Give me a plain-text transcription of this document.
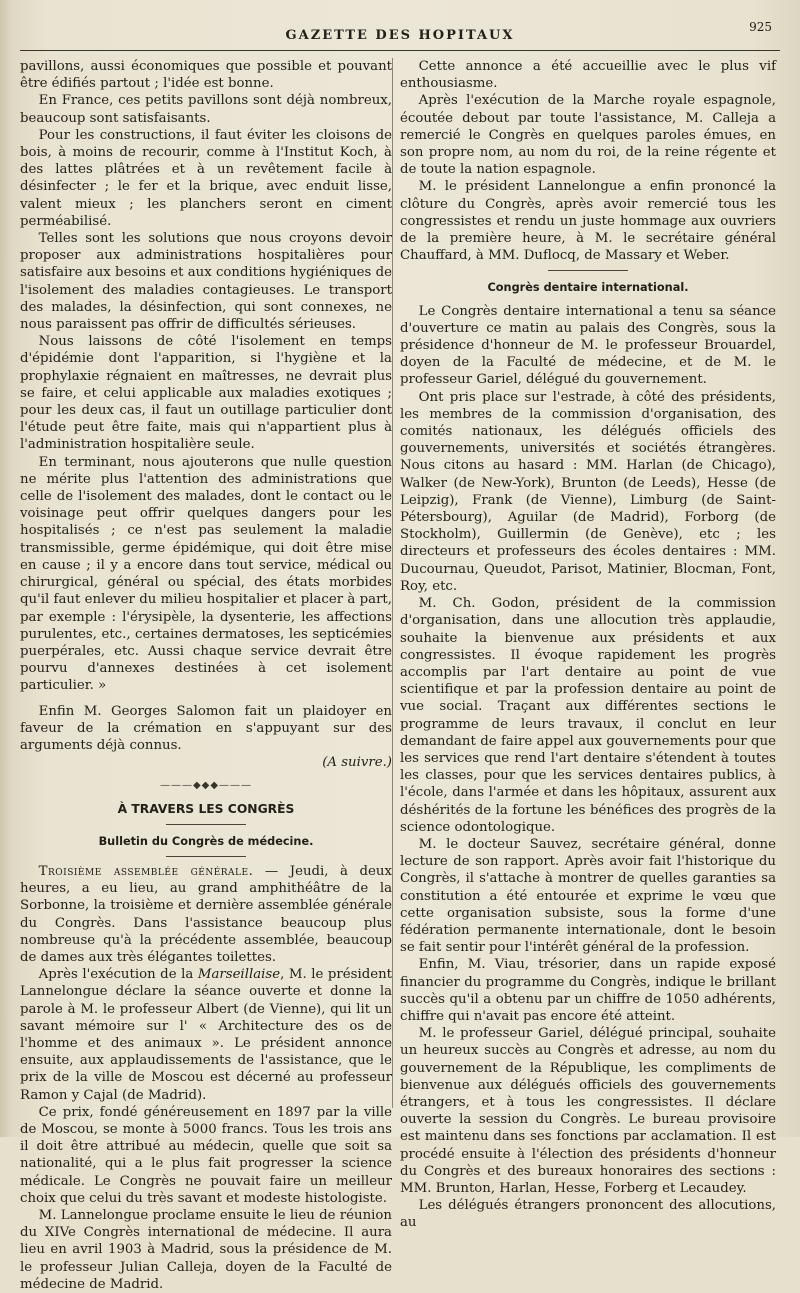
GAZETTE DES HOPITAUX
925

pavillons, aussi économiques que possible et pouvant être édifiés partout ; l'idée est bonne.

En France, ces petits pavillons sont déjà nombreux, beaucoup sont satisfaisants.

Pour les constructions, il faut éviter les cloisons de bois, à moins de recourir, comme à l'Institut Koch, à des lattes plâtrées et à un revêtement facile à désinfecter ; le fer et la brique, avec enduit lisse, valent mieux ; les planchers seront en ciment perméabilisé.

Telles sont les solutions que nous croyons devoir proposer aux administrations hospitalières pour satisfaire aux besoins et aux conditions hygiéniques de l'isolement des maladies contagieuses. Le transport des malades, la désinfection, qui sont connexes, ne nous paraissent pas offrir de difficultés sérieuses.

Nous laissons de côté l'isolement en temps d'épidémie dont l'apparition, si l'hygiène et la prophylaxie régnaient en maîtresses, ne devrait plus se faire, et celui applicable aux maladies exotiques ; pour les deux cas, il faut un outillage particulier dont l'étude peut être faite, mais qui n'appartient plus à l'administration hospitalière seule.

En terminant, nous ajouterons que nulle question ne mérite plus l'attention des administrations que celle de l'isolement des malades, dont le contact ou le voisinage peut offrir quelques dangers pour les hospitalisés ; ce n'est pas seulement la maladie transmissible, germe épidémique, qui doit être mise en cause ; il y a encore dans tout service, médical ou chirurgical, général ou spécial, des états morbides qu'il faut enlever du milieu hospitalier et placer à part, par exemple : l'érysipèle, la dysenterie, les affections purulentes, etc., certaines dermatoses, les septicémies puerpérales, etc. Aussi chaque service devrait être pourvu d'annexes destinées à cet isolement particulier. »

Enfin M. Georges Salomon fait un plaidoyer en faveur de la crémation en s'appuyant sur des arguments déjà connus.

(A suivre.)
———◆◆◆———
À TRAVERS LES CONGRÈS
Bulletin du Congrès de médecine.

Troisième assemblée générale. — Jeudi, à deux heures, a eu lieu, au grand amphithéâtre de la Sorbonne, la troisième et dernière assemblée générale du Congrès. Dans l'assistance beaucoup plus nombreuse qu'à la précédente assemblée, beaucoup de dames aux très élégantes toilettes.

Après l'exécution de la Marseillaise, M. le président Lannelongue déclare la séance ouverte et donne la parole à M. le professeur Albert (de Vienne), qui lit un savant mémoire sur l' « Architecture des os de l'homme et des animaux ». Le président annonce ensuite, aux applaudissements de l'assistance, que le prix de la ville de Moscou est décerné au professeur Ramon y Cajal (de Madrid).

Ce prix, fondé généreusement en 1897 par la ville de Moscou, se monte à 5000 francs. Tous les trois ans il doit être attribué au médecin, quelle que soit sa nationalité, qui a le plus fait progresser la science médicale. Le Congrès ne pouvait faire un meilleur choix que celui du très savant et modeste histologiste.

M. Lannelongue proclame ensuite le lieu de réunion du XIVe Congrès international de médecine. Il aura lieu en avril 1903 à Madrid, sous la présidence de M. le professeur Julian Calleja, doyen de la Faculté de médecine de Madrid.

Cette annonce a été accueillie avec le plus vif enthousiasme.

Après l'exécution de la Marche royale espagnole, écoutée debout par toute l'assistance, M. Calleja a remercié le Congrès en quelques paroles émues, en son propre nom, au nom du roi, de la reine régente et de toute la nation espagnole.

M. le président Lannelongue a enfin prononcé la clôture du Congrès, après avoir remercié tous les congressistes et rendu un juste hommage aux ouvriers de la première heure, à M. le secrétaire général Chauffard, à MM. Duflocq, de Massary et Weber.

Congrès dentaire international.

Le Congrès dentaire international a tenu sa séance d'ouverture ce matin au palais des Congrès, sous la présidence d'honneur de M. le professeur Brouardel, doyen de la Faculté de médecine, et de M. le professeur Gariel, délégué du gouvernement.

Ont pris place sur l'estrade, à côté des présidents, les membres de la commission d'organisation, des comités nationaux, les délégués officiels des gouvernements, universités et sociétés étrangères. Nous citons au hasard : MM. Harlan (de Chicago), Walker (de New-York), Brunton (de Leeds), Hesse (de Leipzig), Frank (de Vienne), Limburg (de Saint-Pétersbourg), Aguilar (de Madrid), Forborg (de Stockholm), Guillermin (de Genève), etc ; les directeurs et professeurs des écoles dentaires : MM. Ducournau, Queudot, Parisot, Matinier, Blocman, Font, Roy, etc.

M. Ch. Godon, président de la commission d'organisation, dans une allocution très applaudie, souhaite la bienvenue aux présidents et aux congressistes. Il évoque rapidement les progrès accomplis par l'art dentaire au point de vue scientifique et par la profession dentaire au point de vue social. Traçant aux différentes sections le programme de leurs travaux, il conclut en leur demandant de faire appel aux gouvernements pour que les services que rend l'art dentaire s'étendent à toutes les classes, pour que les services dentaires publics, à l'école, dans l'armée et dans les hôpitaux, assurent aux déshérités de la fortune les bénéfices des progrès de la science odontologique.

M. le docteur Sauvez, secrétaire général, donne lecture de son rapport. Après avoir fait l'historique du Congrès, il s'attache à montrer de quelles garanties sa constitution a été entourée et exprime le vœu que cette organisation subsiste, sous la forme d'une fédération permanente internationale, dont le besoin se fait sentir pour l'intérêt général de la profession.

Enfin, M. Viau, trésorier, dans un rapide exposé financier du programme du Congrès, indique le brillant succès qu'il a obtenu par un chiffre de 1050 adhérents, chiffre qui n'avait pas encore été atteint.

M. le professeur Gariel, délégué principal, souhaite un heureux succès au Congrès et adresse, au nom du gouvernement de la République, les compliments de bienvenue aux délégués officiels des gouvernements étrangers, et à tous les congressistes. Il déclare ouverte la session du Congrès. Le bureau provisoire est maintenu dans ses fonctions par acclamation. Il est procédé ensuite à l'élection des présidents d'honneur du Congrès et des bureaux honoraires des sections : MM. Brunton, Harlan, Hesse, Forberg et Lecaudey.

Les délégués étrangers prononcent des allocutions, au
